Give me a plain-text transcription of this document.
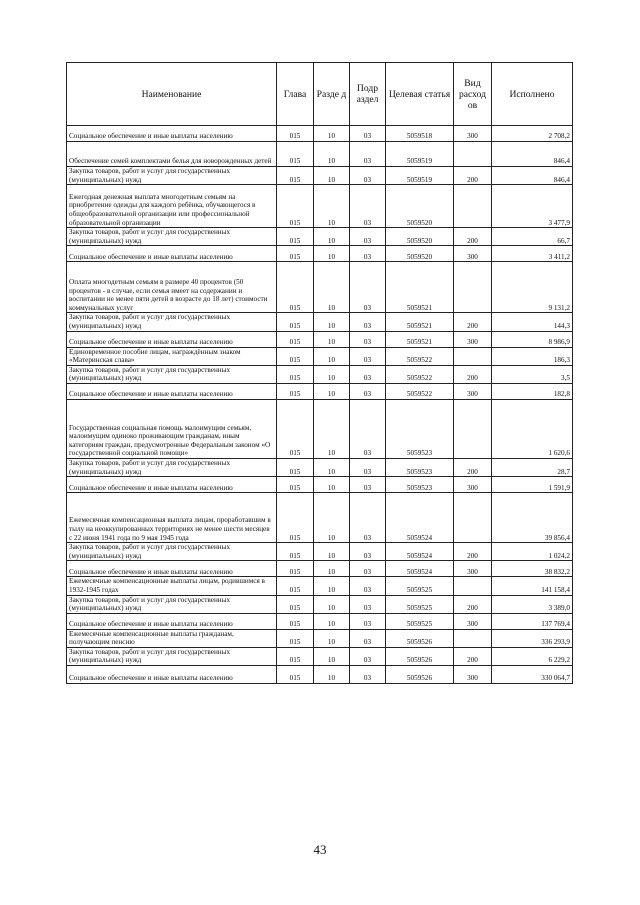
Наименование	Глава	Разде д	Подр аздел	Целевая статья	Вид расход ов	Исполнено
Социальное обеспечение и иные выплаты населению	015	10	03	5059518	300	2 708,2
Обеспечение семей комплектами белья для новорожденных детей	015	10	03	5059519		846,4
Закупка товаров, работ и услуг для государственных (муниципальных) нужд	015	10	03	5059519	200	846,4
Ежегодная денежная выплата многодетным семьям на приобретение одежды для каждого ребёнка, обучающегося в общеобразовательной организации или профессиональной образовательной организации	015	10	03	5059520		3 477,9
Закупка товаров, работ и услуг для государственных (муниципальных) нужд	015	10	03	5059520	200	66,7
Социальное обеспечение и иные выплаты населению	015	10	03	5059520	300	3 411,2
Оплата многодетным семьям в размере 40 процентов (50 процентов - в случае, если семья имеет на содержании и воспитании не менее пяти детей в возрасте до 18 лет) стоимости коммунальных услуг	015	10	03	5059521		9 131,2
Закупка товаров, работ и услуг для государственных (муниципальных) нужд	015	10	03	5059521	200	144,3
Социальное обеспечение и иные выплаты населению	015	10	03	5059521	300	8 986,9
Единовременное пособие лицам, награждённым знаком «Материнская слава»	015	10	03	5059522		186,3
Закупка товаров, работ и услуг для государственных (муниципальных) нужд	015	10	03	5059522	200	3,5
Социальное обеспечение и иные выплаты населению	015	10	03	5059522	300	182,8
Государственная социальная помощь малоимущим семьям, малоимущим одиноко проживающим гражданам, иным категориям граждан, предусмотренные Федеральным законом «О государственной социальной помощи»	015	10	03	5059523		1 620,6
Закупка товаров, работ и услуг для государственных (муниципальных) нужд	015	10	03	5059523	200	28,7
Социальное обеспечение и иные выплаты населению	015	10	03	5059523	300	1 591,9
Ежемесячная компенсационная выплата лицам, проработавшим в тылу на неоккупированных территориях не менее шести месяцев с 22 июня 1941 года по 9 мая 1945 года	015	10	03	5059524		39 856,4
Закупка товаров, работ и услуг для государственных (муниципальных) нужд	015	10	03	5059524	200	1 024,2
Социальное обеспечение и иные выплаты населению	015	10	03	5059524	300	38 832,2
Ежемесячные компенсационные выплаты лицам, родившимся в 1932-1945 годах	015	10	03	5059525		141 158,4
Закупка товаров, работ и услуг для государственных (муниципальных) нужд	015	10	03	5059525	200	3 389,0
Социальное обеспечение и иные выплаты населению	015	10	03	5059525	300	137 769,4
Ежемесячные компенсационные выплаты гражданам, получающим пенсию	015	10	03	5059526		336 293,9
Закупка товаров, работ и услуг для государственных (муниципальных) нужд	015	10	03	5059526	200	6 229,2
Социальное обеспечение и иные выплаты населению	015	10	03	5059526	300	330 064,7
43
